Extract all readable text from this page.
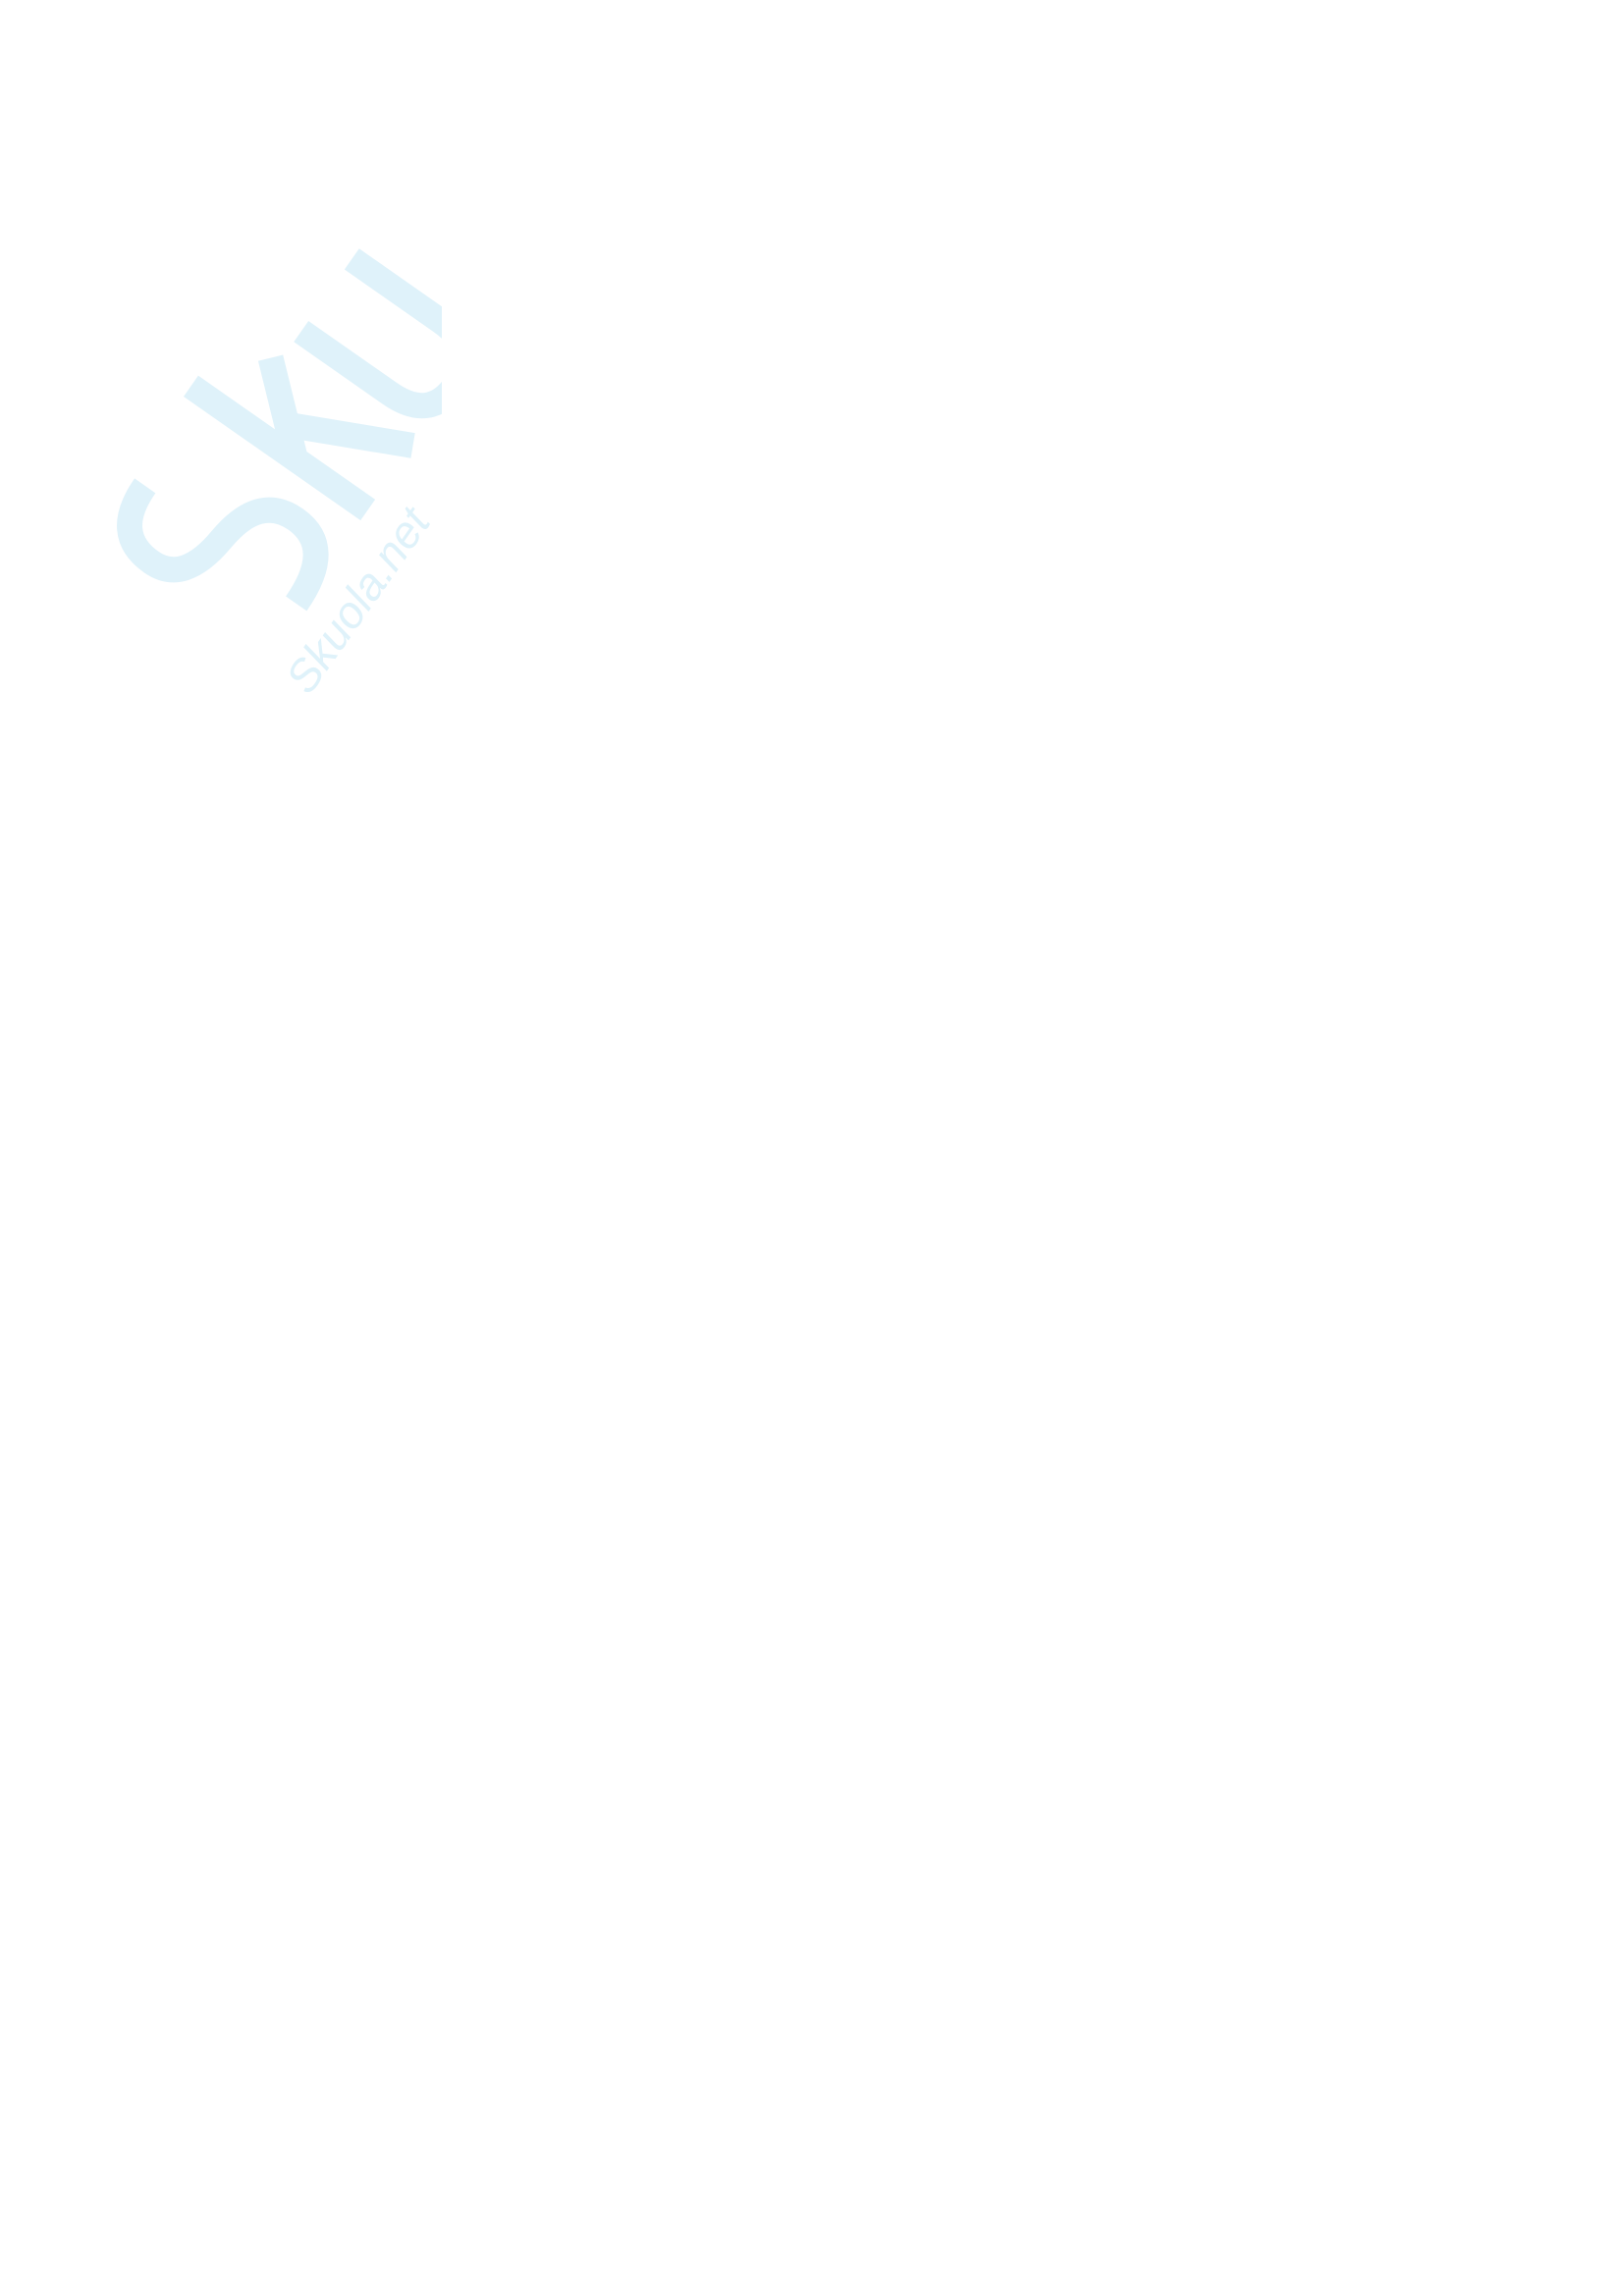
Skuola.net
